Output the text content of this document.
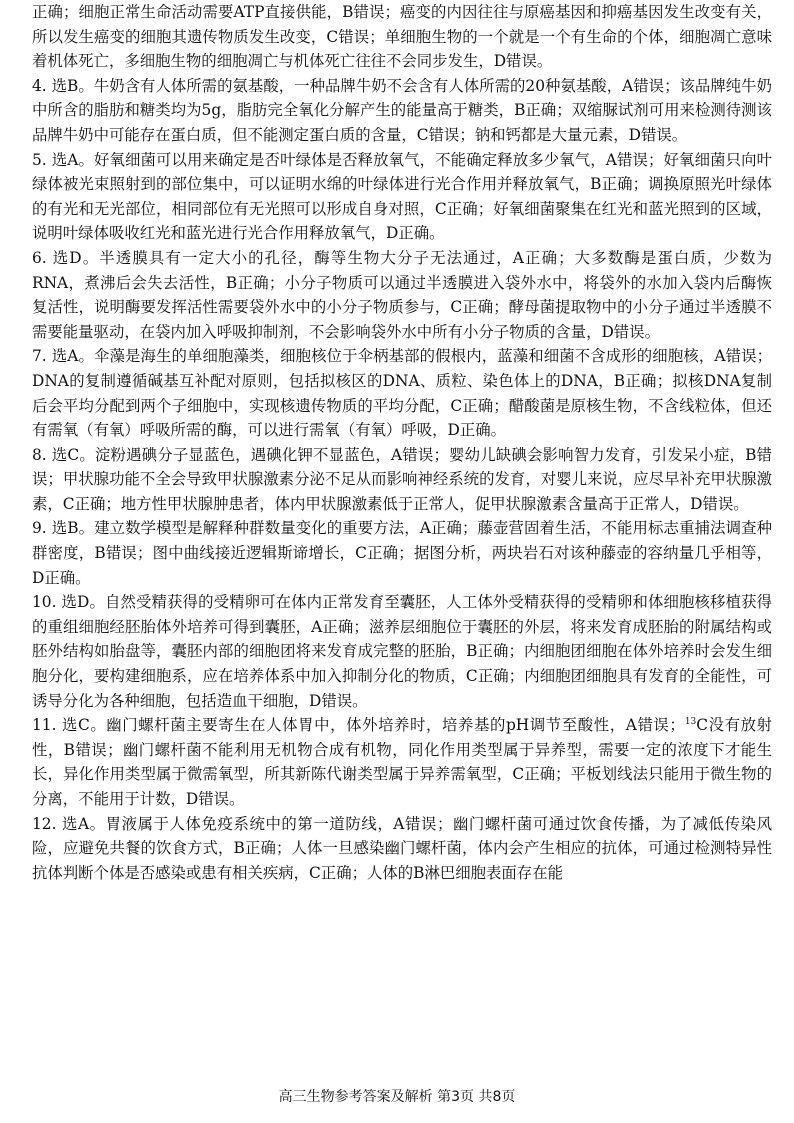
正确；细胞正常生命活动需要ATP直接供能，B错误；癌变的内因往往与原癌基因和抑癌基因发生改变有关，所以发生癌变的细胞其遗传物质发生改变，C错误；单细胞生物的一个就是一个有生命的个体，细胞凋亡意味着机体死亡，多细胞生物的细胞凋亡与机体死亡往往不会同步发生，D错误。

4. 选B。牛奶含有人体所需的氨基酸，一种品牌牛奶不会含有人体所需的20种氨基酸，A错误；该品牌纯牛奶中所含的脂肪和糖类均为5g，脂肪完全氧化分解产生的能量高于糖类，B正确；双缩脲试剂可用来检测待测该品牌牛奶中可能存在蛋白质，但不能测定蛋白质的含量，C错误；钠和钙都是大量元素，D错误。

5. 选A。好氧细菌可以用来确定是否叶绿体是否释放氧气，不能确定释放多少氧气，A错误；好氧细菌只向叶绿体被光束照射到的部位集中，可以证明水绵的叶绿体进行光合作用并释放氧气，B正确；调换原照光叶绿体的有光和无光部位，相同部位有无光照可以形成自身对照，C正确；好氧细菌聚集在红光和蓝光照到的区域，说明叶绿体吸收红光和蓝光进行光合作用释放氧气，D正确。

6. 选D。半透膜具有一定大小的孔径，酶等生物大分子无法通过，A正确；大多数酶是蛋白质，少数为RNA，煮沸后会失去活性，B正确；小分子物质可以通过半透膜进入袋外水中，将袋外的水加入袋内后酶恢复活性，说明酶要发挥活性需要袋外水中的小分子物质参与，C正确；酵母菌提取物中的小分子通过半透膜不需要能量驱动，在袋内加入呼吸抑制剂，不会影响袋外水中所有小分子物质的含量，D错误。

7. 选A。伞藻是海生的单细胞藻类，细胞核位于伞柄基部的假根内，蓝藻和细菌不含成形的细胞核，A错误；DNA的复制遵循碱基互补配对原则，包括拟核区的DNA、质粒、染色体上的DNA，B正确；拟核DNA复制后会平均分配到两个子细胞中，实现核遗传物质的平均分配，C正确；醋酸菌是原核生物，不含线粒体，但还有需氧（有氧）呼吸所需的酶，可以进行需氧（有氧）呼吸，D正确。

8. 选C。淀粉遇碘分子显蓝色，遇碘化钾不显蓝色，A错误；婴幼儿缺碘会影响智力发育，引发呆小症，B错误；甲状腺功能不全会导致甲状腺激素分泌不足从而影响神经系统的发育，对婴儿来说，应尽早补充甲状腺激素，C正确；地方性甲状腺肿患者，体内甲状腺激素低于正常人，促甲状腺激素含量高于正常人，D错误。

9. 选B。建立数学模型是解释种群数量变化的重要方法，A正确；藤壶营固着生活，不能用标志重捕法调查种群密度，B错误；图中曲线接近逻辑斯谛增长，C正确；据图分析，两块岩石对该种藤壶的容纳量几乎相等，D正确。

10. 选D。自然受精获得的受精卵可在体内正常发育至囊胚，人工体外受精获得的受精卵和体细胞核移植获得的重组细胞经胚胎体外培养可得到囊胚，A正确；滋养层细胞位于囊胚的外层，将来发育成胚胎的附属结构或胚外结构如胎盘等，囊胚内部的细胞团将来发育成完整的胚胎，B正确；内细胞团细胞在体外培养时会发生细胞分化，要构建细胞系，应在培养体系中加入抑制分化的物质，C正确；内细胞团细胞具有发育的全能性，可诱导分化为各种细胞，包括造血干细胞，D错误。

11. 选C。幽门螺杆菌主要寄生在人体胃中，体外培养时，培养基的pH调节至酸性，A错误；$^{13}$C没有放射性，B错误；幽门螺杆菌不能利用无机物合成有机物，同化作用类型属于异养型，需要一定的浓度下才能生长，异化作用类型属于微需氧型，所其新陈代谢类型属于异养需氧型，C正确；平板划线法只能用于微生物的分离，不能用于计数，D错误。

12. 选A。胃液属于人体免疫系统中的第一道防线，A错误；幽门螺杆菌可通过饮食传播，为了减低传染风险，应避免共餐的饮食方式，B正确；人体一旦感染幽门螺杆菌，体内会产生相应的抗体，可通过检测特异性抗体判断个体是否感染或患有相关疾病，C正确；人体的B淋巴细胞表面存在能

高三生物参考答案及解析 第3页 共8页
